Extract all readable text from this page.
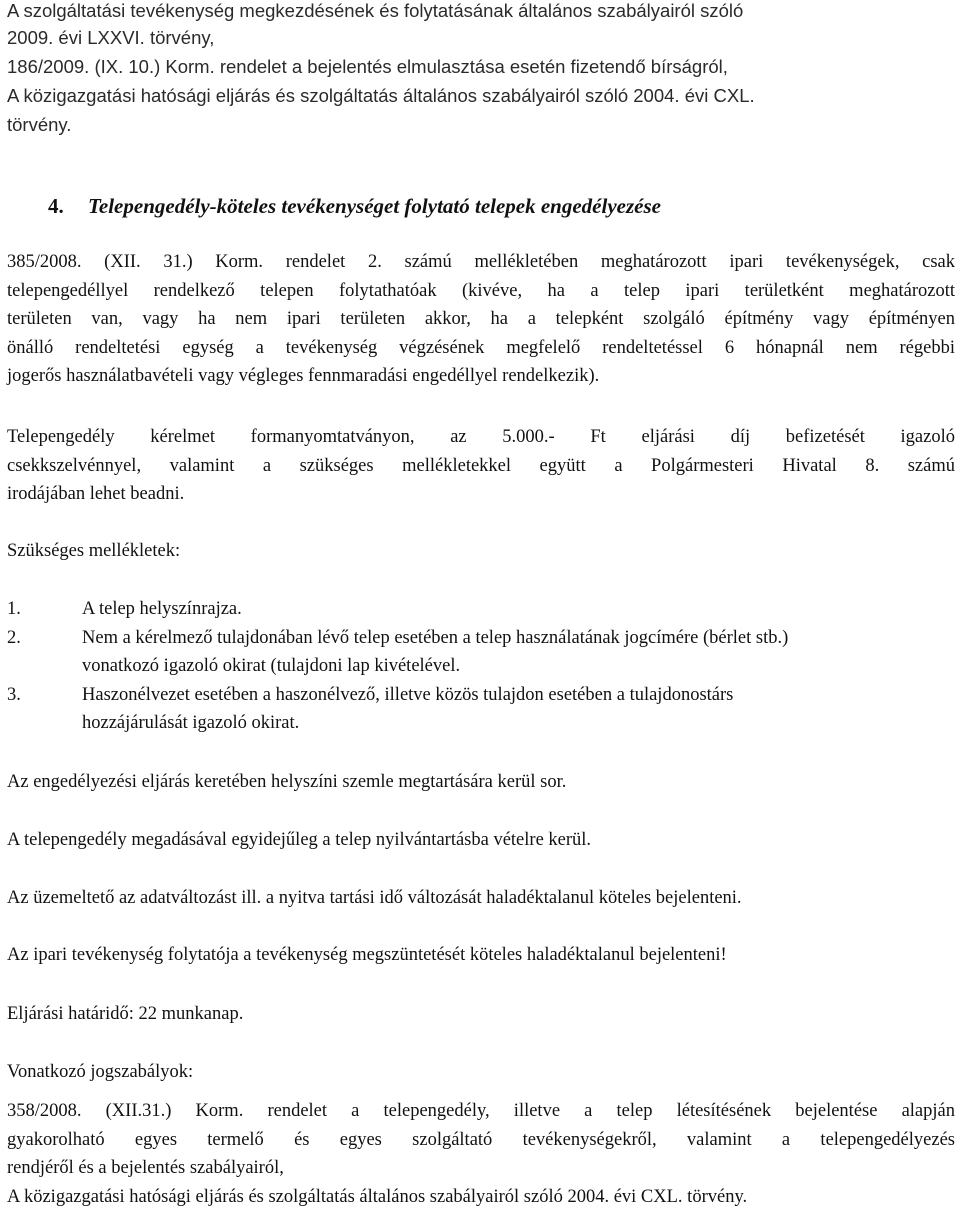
A szolgáltatási tevékenység megkezdésének és folytatásának általános szabályairól szóló
2009. évi LXXVI. törvény,
186/2009. (IX. 10.) Korm. rendelet a bejelentés elmulasztása esetén fizetendő bírságról,
A közigazgatási hatósági eljárás és szolgáltatás általános szabályairól szóló 2004. évi CXL.
törvény.
4. Telepengedély-köteles tevékenységet folytató telepek engedélyezése
385/2008. (XII. 31.) Korm. rendelet 2. számú mellékletében meghatározott ipari tevékenységek, csak
telepengedéllyel rendelkező telepen folytathatóak (kivéve, ha a telep ipari területként meghatározott
területen van, vagy ha nem ipari területen akkor, ha a telepként szolgáló építmény vagy építményen
önálló rendeltetési egység a tevékenység végzésének megfelelő rendeltetéssel 6 hónapnál nem régebbi
jogerős használatbavételi vagy végleges fennmaradási engedéllyel rendelkezik).
Telepengedély kérelmet formanyomtatványon, az 5.000.- Ft eljárási díj befizetését igazoló
csekkszelvénnyel, valamint a szükséges mellékletekkel együtt a Polgármesteri Hivatal 8. számú
irodájában lehet beadni.
Szükséges mellékletek:
1.	A telep helyszínrajza.
2.	Nem a kérelmező tulajdonában lévő telep esetében a telep használatának jogcímére (bérlet stb.)
vonatkozó igazoló okirat (tulajdoni lap kivételével.
3.	Haszonélvezet esetében a haszonélvező, illetve közös tulajdon esetében a tulajdonostárs
hozzájárulását igazoló okirat.
Az engedélyezési eljárás keretében helyszíni szemle megtartására kerül sor.
A telepengedély megadásával egyidejűleg a telep nyilvántartásba vételre kerül.
Az üzemeltető az adatváltozást ill. a nyitva tartási idő változását haladéktalanul köteles bejelenteni.
Az ipari tevékenység folytatója a tevékenység megszüntetését köteles haladéktalanul bejelenteni!
Eljárási határidő: 22 munkanap.
Vonatkozó jogszabályok:
358/2008. (XII.31.) Korm. rendelet a telepengedély, illetve a telep létesítésének bejelentése alapján
gyakorolható egyes termelő és egyes szolgáltató tevékenységekről, valamint a telepengedélyezés
rendjéről és a bejelentés szabályairól,
A közigazgatási hatósági eljárás és szolgáltatás általános szabályairól szóló 2004. évi CXL. törvény.
